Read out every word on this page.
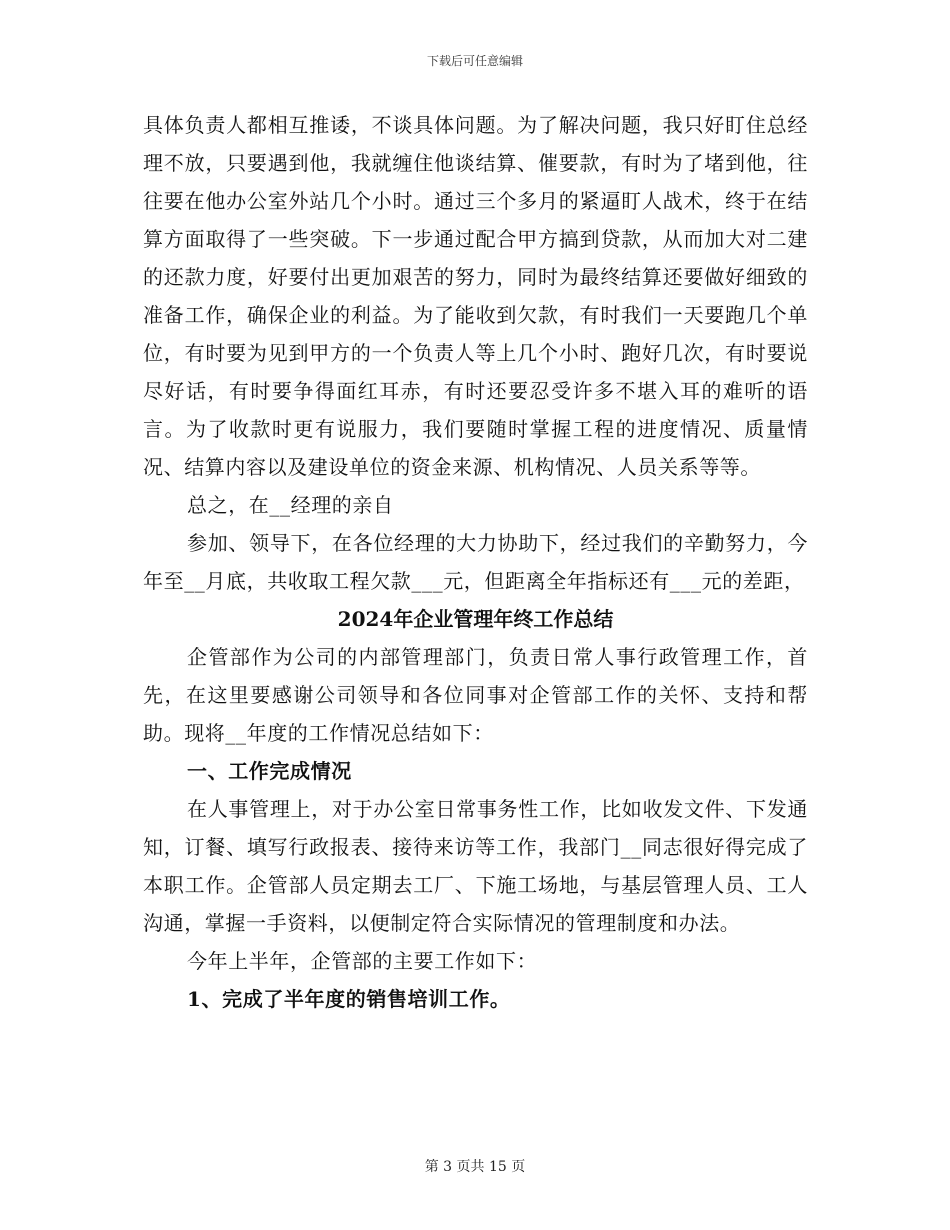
下载后可任意编辑

具体负责人都相互推诿，不谈具体问题。为了解决问题，我只好盯住总经理不放，只要遇到他，我就缠住他谈结算、催要款，有时为了堵到他，往往要在他办公室外站几个小时。通过三个多月的紧逼盯人战术，终于在结算方面取得了一些突破。下一步通过配合甲方搞到贷款，从而加大对二建的还款力度，好要付出更加艰苦的努力，同时为最终结算还要做好细致的准备工作，确保企业的利益。为了能收到欠款，有时我们一天要跑几个单位，有时要为见到甲方的一个负责人等上几个小时、跑好几次，有时要说尽好话，有时要争得面红耳赤，有时还要忍受许多不堪入耳的难听的语言。为了收款时更有说服力，我们要随时掌握工程的进度情况、质量情况、结算内容以及建设单位的资金来源、机构情况、人员关系等等。

总之，在__经理的亲自

参加、领导下，在各位经理的大力协助下，经过我们的辛勤努力，今年至__月底，共收取工程欠款___元，但距离全年指标还有___元的差距，

2024年企业管理年终工作总结

企管部作为公司的内部管理部门，负责日常人事行政管理工作，首先，在这里要感谢公司领导和各位同事对企管部工作的关怀、支持和帮助。现将__年度的工作情况总结如下：

一、工作完成情况

在人事管理上，对于办公室日常事务性工作，比如收发文件、下发通知，订餐、填写行政报表、接待来访等工作，我部门__同志很好得完成了本职工作。企管部人员定期去工厂、下施工场地，与基层管理人员、工人沟通，掌握一手资料，以便制定符合实际情况的管理制度和办法。

今年上半年，企管部的主要工作如下：

1、完成了半年度的销售培训工作。

第 3 页共 15 页
